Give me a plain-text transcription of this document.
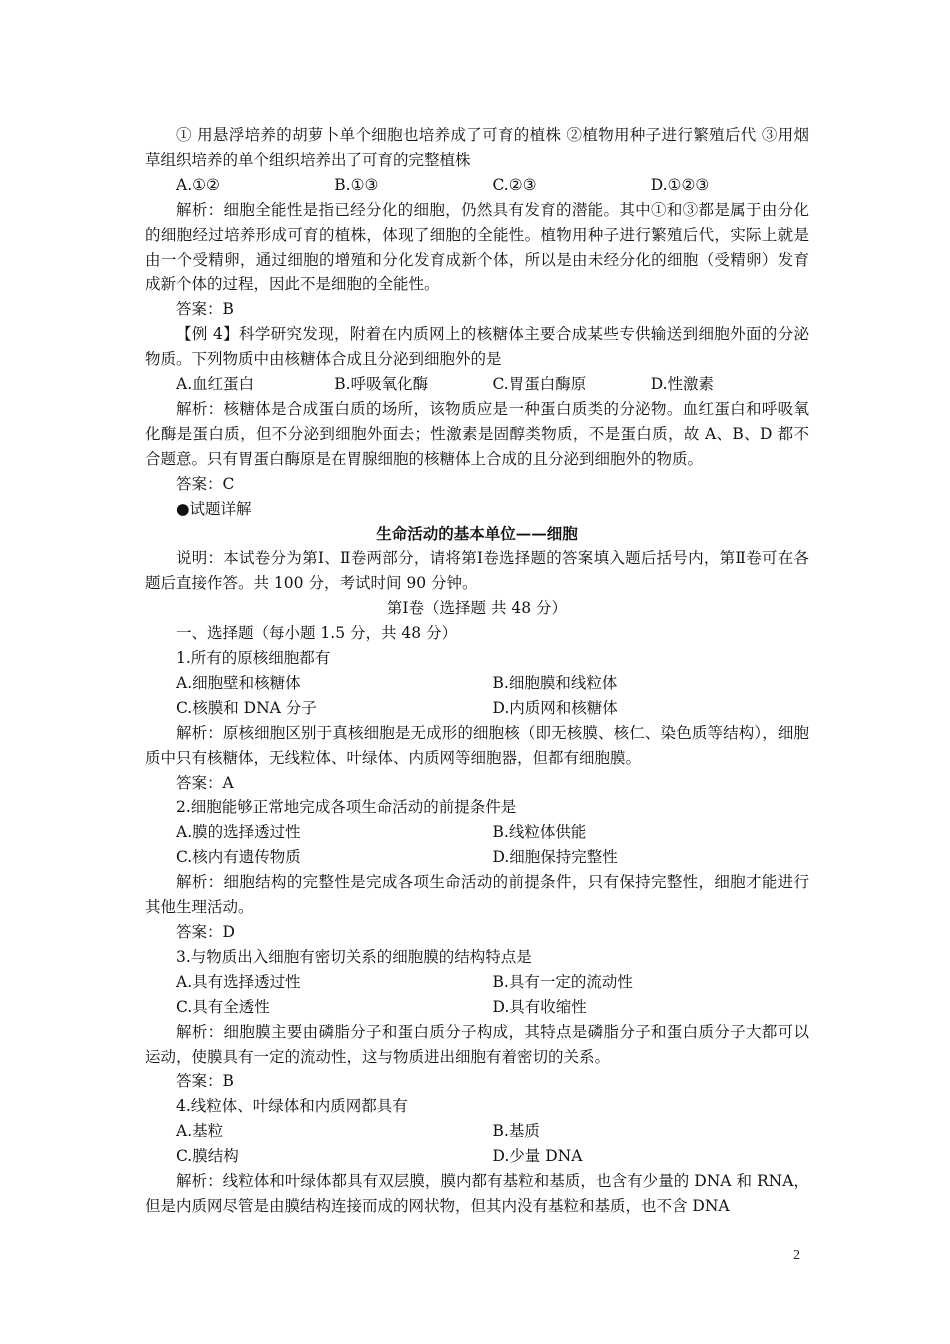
① 用悬浮培养的胡萝卜单个细胞也培养成了可育的植株 ②植物用种子进行繁殖后代 ③用烟草组织培养的单个组织培养出了可育的完整植株

A.①②	B.①③	C.②③	D.①②③

解析：细胞全能性是指已经分化的细胞，仍然具有发育的潜能。其中①和③都是属于由分化的细胞经过培养形成可育的植株，体现了细胞的全能性。植物用种子进行繁殖后代，实际上就是由一个受精卵，通过细胞的增殖和分化发育成新个体，所以是由未经分化的细胞（受精卵）发育成新个体的过程，因此不是细胞的全能性。

答案：B

【例 4】科学研究发现，附着在内质网上的核糖体主要合成某些专供输送到细胞外面的分泌物质。下列物质中由核糖体合成且分泌到细胞外的是

A.血红蛋白	B.呼吸氧化酶	C.胃蛋白酶原	D.性激素

解析：核糖体是合成蛋白质的场所，该物质应是一种蛋白质类的分泌物。血红蛋白和呼吸氧化酶是蛋白质，但不分泌到细胞外面去；性激素是固醇类物质，不是蛋白质，故 A、B、D 都不合题意。只有胃蛋白酶原是在胃腺细胞的核糖体上合成的且分泌到细胞外的物质。

答案：C

●试题详解

生命活动的基本单位——细胞

说明：本试卷分为第Ⅰ、Ⅱ卷两部分，请将第Ⅰ卷选择题的答案填入题后括号内，第Ⅱ卷可在各题后直接作答。共 100 分，考试时间 90 分钟。

第Ⅰ卷（选择题 共 48 分）

一、选择题（每小题 1.5 分，共 48 分）

1.所有的原核细胞都有

A.细胞壁和核糖体	B.细胞膜和线粒体
C.核膜和 DNA 分子	D.内质网和核糖体

解析：原核细胞区别于真核细胞是无成形的细胞核（即无核膜、核仁、染色质等结构），细胞质中只有核糖体，无线粒体、叶绿体、内质网等细胞器，但都有细胞膜。

答案：A

2.细胞能够正常地完成各项生命活动的前提条件是

A.膜的选择透过性	B.线粒体供能
C.核内有遗传物质	D.细胞保持完整性

解析：细胞结构的完整性是完成各项生命活动的前提条件，只有保持完整性，细胞才能进行其他生理活动。

答案：D

3.与物质出入细胞有密切关系的细胞膜的结构特点是

A.具有选择透过性	B.具有一定的流动性
C.具有全透性	D.具有收缩性

解析：细胞膜主要由磷脂分子和蛋白质分子构成，其特点是磷脂分子和蛋白质分子大都可以运动，使膜具有一定的流动性，这与物质进出细胞有着密切的关系。

答案：B

4.线粒体、叶绿体和内质网都具有

A.基粒	B.基质
C.膜结构	D.少量 DNA

解析：线粒体和叶绿体都具有双层膜，膜内都有基粒和基质，也含有少量的 DNA 和 RNA，但是内质网尽管是由膜结构连接而成的网状物，但其内没有基粒和基质，也不含 DNA

2
